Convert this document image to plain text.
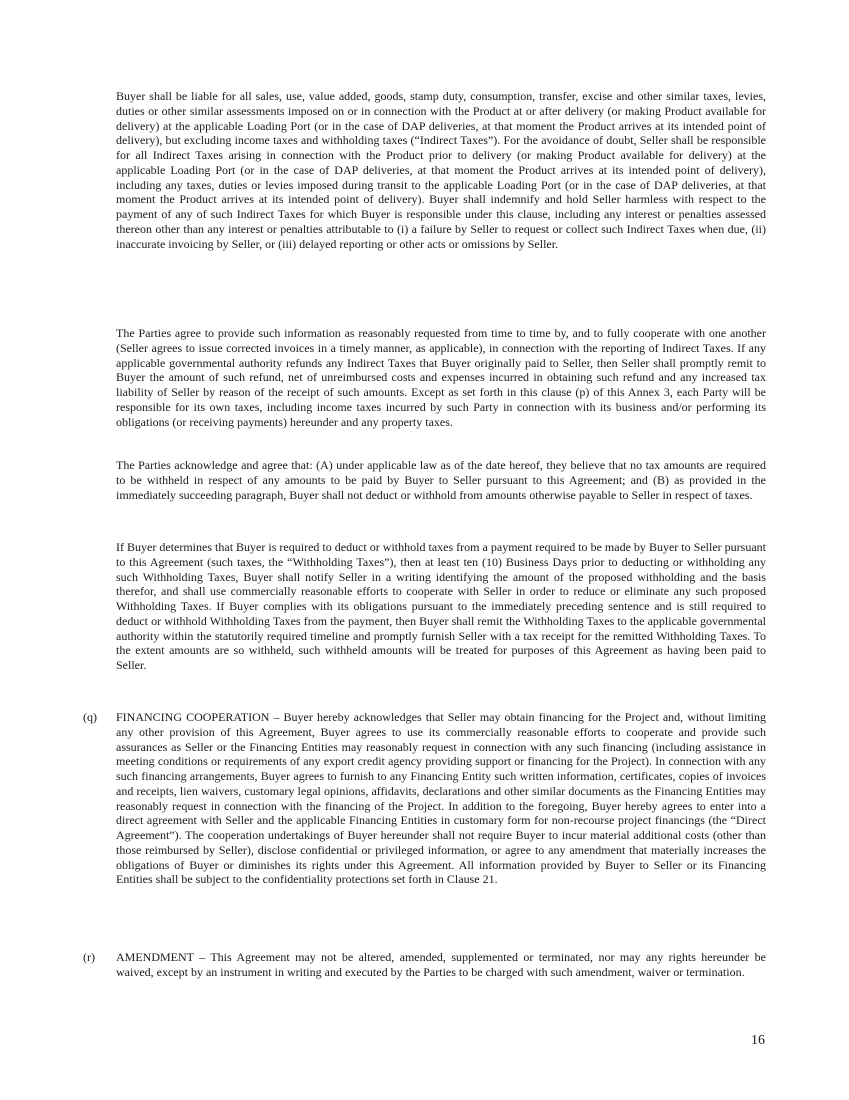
Buyer shall be liable for all sales, use, value added, goods, stamp duty, consumption, transfer, excise and other similar taxes, levies, duties or other similar assessments imposed on or in connection with the Product at or after delivery (or making Product available for delivery) at the applicable Loading Port (or in the case of DAP deliveries, at that moment the Product arrives at its intended point of delivery), but excluding income taxes and withholding taxes (“Indirect Taxes”). For the avoidance of doubt, Seller shall be responsible for all Indirect Taxes arising in connection with the Product prior to delivery (or making Product available for delivery) at the applicable Loading Port (or in the case of DAP deliveries, at that moment the Product arrives at its intended point of delivery), including any taxes, duties or levies imposed during transit to the applicable Loading Port (or in the case of DAP deliveries, at that moment the Product arrives at its intended point of delivery). Buyer shall indemnify and hold Seller harmless with respect to the payment of any of such Indirect Taxes for which Buyer is responsible under this clause, including any interest or penalties assessed thereon other than any interest or penalties attributable to (i) a failure by Seller to request or collect such Indirect Taxes when due, (ii) inaccurate invoicing by Seller, or (iii) delayed reporting or other acts or omissions by Seller.

The Parties agree to provide such information as reasonably requested from time to time by, and to fully cooperate with one another (Seller agrees to issue corrected invoices in a timely manner, as applicable), in connection with the reporting of Indirect Taxes. If any applicable governmental authority refunds any Indirect Taxes that Buyer originally paid to Seller, then Seller shall promptly remit to Buyer the amount of such refund, net of unreimbursed costs and expenses incurred in obtaining such refund and any increased tax liability of Seller by reason of the receipt of such amounts. Except as set forth in this clause (p) of this Annex 3, each Party will be responsible for its own taxes, including income taxes incurred by such Party in connection with its business and/or performing its obligations (or receiving payments) hereunder and any property taxes.

The Parties acknowledge and agree that: (A) under applicable law as of the date hereof, they believe that no tax amounts are required to be withheld in respect of any amounts to be paid by Buyer to Seller pursuant to this Agreement; and (B) as provided in the immediately succeeding paragraph, Buyer shall not deduct or withhold from amounts otherwise payable to Seller in respect of taxes.

If Buyer determines that Buyer is required to deduct or withhold taxes from a payment required to be made by Buyer to Seller pursuant to this Agreement (such taxes, the “Withholding Taxes”), then at least ten (10) Business Days prior to deducting or withholding any such Withholding Taxes, Buyer shall notify Seller in a writing identifying the amount of the proposed withholding and the basis therefor, and shall use commercially reasonable efforts to cooperate with Seller in order to reduce or eliminate any such proposed Withholding Taxes. If Buyer complies with its obligations pursuant to the immediately preceding sentence and is still required to deduct or withhold Withholding Taxes from the payment, then Buyer shall remit the Withholding Taxes to the applicable governmental authority within the statutorily required timeline and promptly furnish Seller with a tax receipt for the remitted Withholding Taxes. To the extent amounts are so withheld, such withheld amounts will be treated for purposes of this Agreement as having been paid to Seller.

(q)	FINANCING COOPERATION – Buyer hereby acknowledges that Seller may obtain financing for the Project and, without limiting any other provision of this Agreement, Buyer agrees to use its commercially reasonable efforts to cooperate and provide such assurances as Seller or the Financing Entities may reasonably request in connection with any such financing (including assistance in meeting conditions or requirements of any export credit agency providing support or financing for the Project). In connection with any such financing arrangements, Buyer agrees to furnish to any Financing Entity such written information, certificates, copies of invoices and receipts, lien waivers, customary legal opinions, affidavits, declarations and other similar documents as the Financing Entities may reasonably request in connection with the financing of the Project. In addition to the foregoing, Buyer hereby agrees to enter into a direct agreement with Seller and the applicable Financing Entities in customary form for non-recourse project financings (the “Direct Agreement”). The cooperation undertakings of Buyer hereunder shall not require Buyer to incur material additional costs (other than those reimbursed by Seller), disclose confidential or privileged information, or agree to any amendment that materially increases the obligations of Buyer or diminishes its rights under this Agreement. All information provided by Buyer to Seller or its Financing Entities shall be subject to the confidentiality protections set forth in Clause 21.
(r)	AMENDMENT – This Agreement may not be altered, amended, supplemented or terminated, nor may any rights hereunder be waived, except by an instrument in writing and executed by the Parties to be charged with such amendment, waiver or termination.
16
